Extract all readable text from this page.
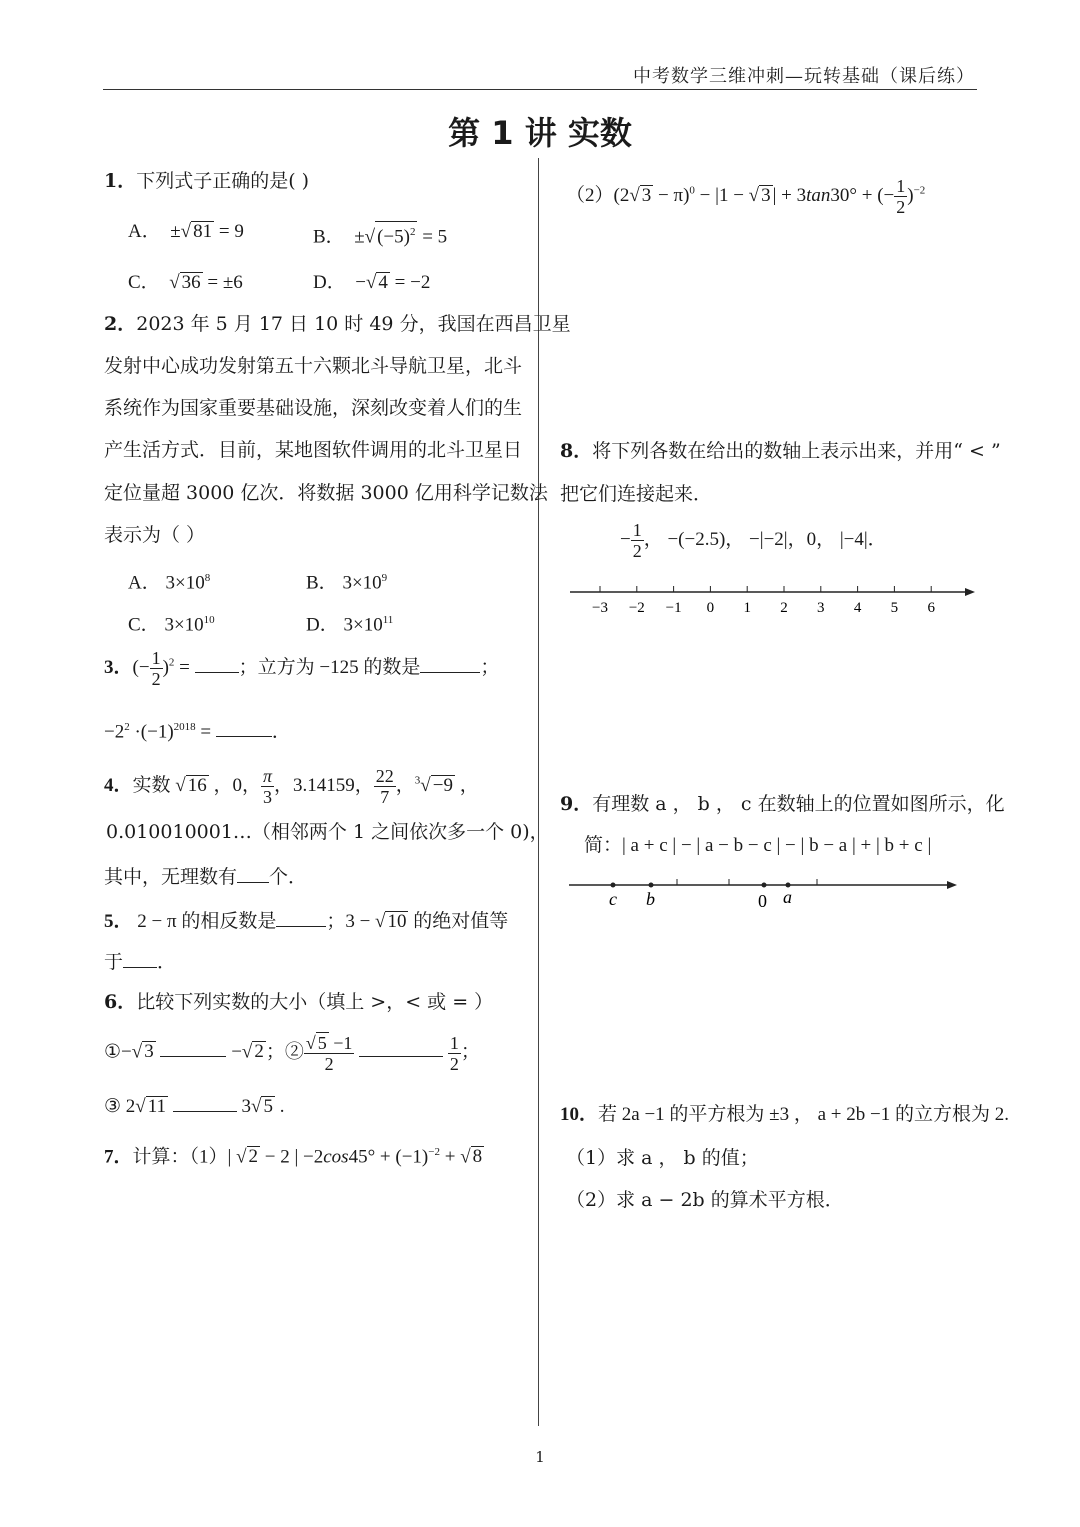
中考数学三维冲刺—玩转基础（课后练）
第 1 讲 实数
1．下列式子正确的是( )
A． ±√ 81 = 9	B． ±√ $(-5)^2 = 5$
C．  √ 36 = ±6	D． −√ 4 = −2
2．2023 年 5 月 17 日 10 时 49 分，我国在西昌卫星
发射中心成功发射第五十六颗北斗导航卫星，北斗
系统作为国家重要基础设施，深刻改变着人们的生
产生活方式．目前，某地图软件调用的北斗卫星日
定位量超 3000 亿次．将数据 3000 亿用科学记数法
表示为（ ）
A． $3\times 10^8$	B． $3\times 10^9$
C． $3\times 10^{10}$	D． $3\times 10^{11}$
3．(− $\frac{1}{2} )^2$ = ；立方为 −125 的数是	；
$-2^2 \cdot(-1)^{2018}$ =	．
4．实数 √ 16 ，0， $\frac{\pi}{3}$ ，3.14159， $\frac{22}{7}$ ，$^3$√ −9 ，
0.010010001…（相邻两个 1 之间依次多一个 0)，
其中，无理数有 个．
5． 2 − π 的相反数是	；3 − √ 10 的绝对值等
于 ．
6．比较下列实数的大小（填上 >，< 或 = ）
①−√ 3	−√ 2 ；② $\frac{√ 5 -1}{2}$
	$\frac{1}{2}$ ；
③ 2√ 11	3√ 5 .
7．计算：（1）| √ 2 − 2 | $-2\cos 45^\circ + (-1)^{-2}$ + √ 8
（2）(2√ 3 − π)$^0$ − |1 − √ 3 | + 3tan30° + (− $\frac{1}{2} )^{-2}$
8．将下列各数在给出的数轴上表示出来，并用“ < ”
把它们连接起来．
− $\frac{1}{2}$ ， −(−2.5)， −|−2|，0， |−4|．
−3 −2 −1 0 1 2 3 4 5 6
9．有理数 a ， b ， c 在数轴上的位置如图所示，化
简：| a + c | − | a − b − c | − | b − a | + | b + c |
c b	0 a
10．若 2a −1 的平方根为 ±3 ， a + 2b −1 的立方根为 2.
（1）求 a ， b 的值；
（2）求 a − 2b 的算术平方根．
1
